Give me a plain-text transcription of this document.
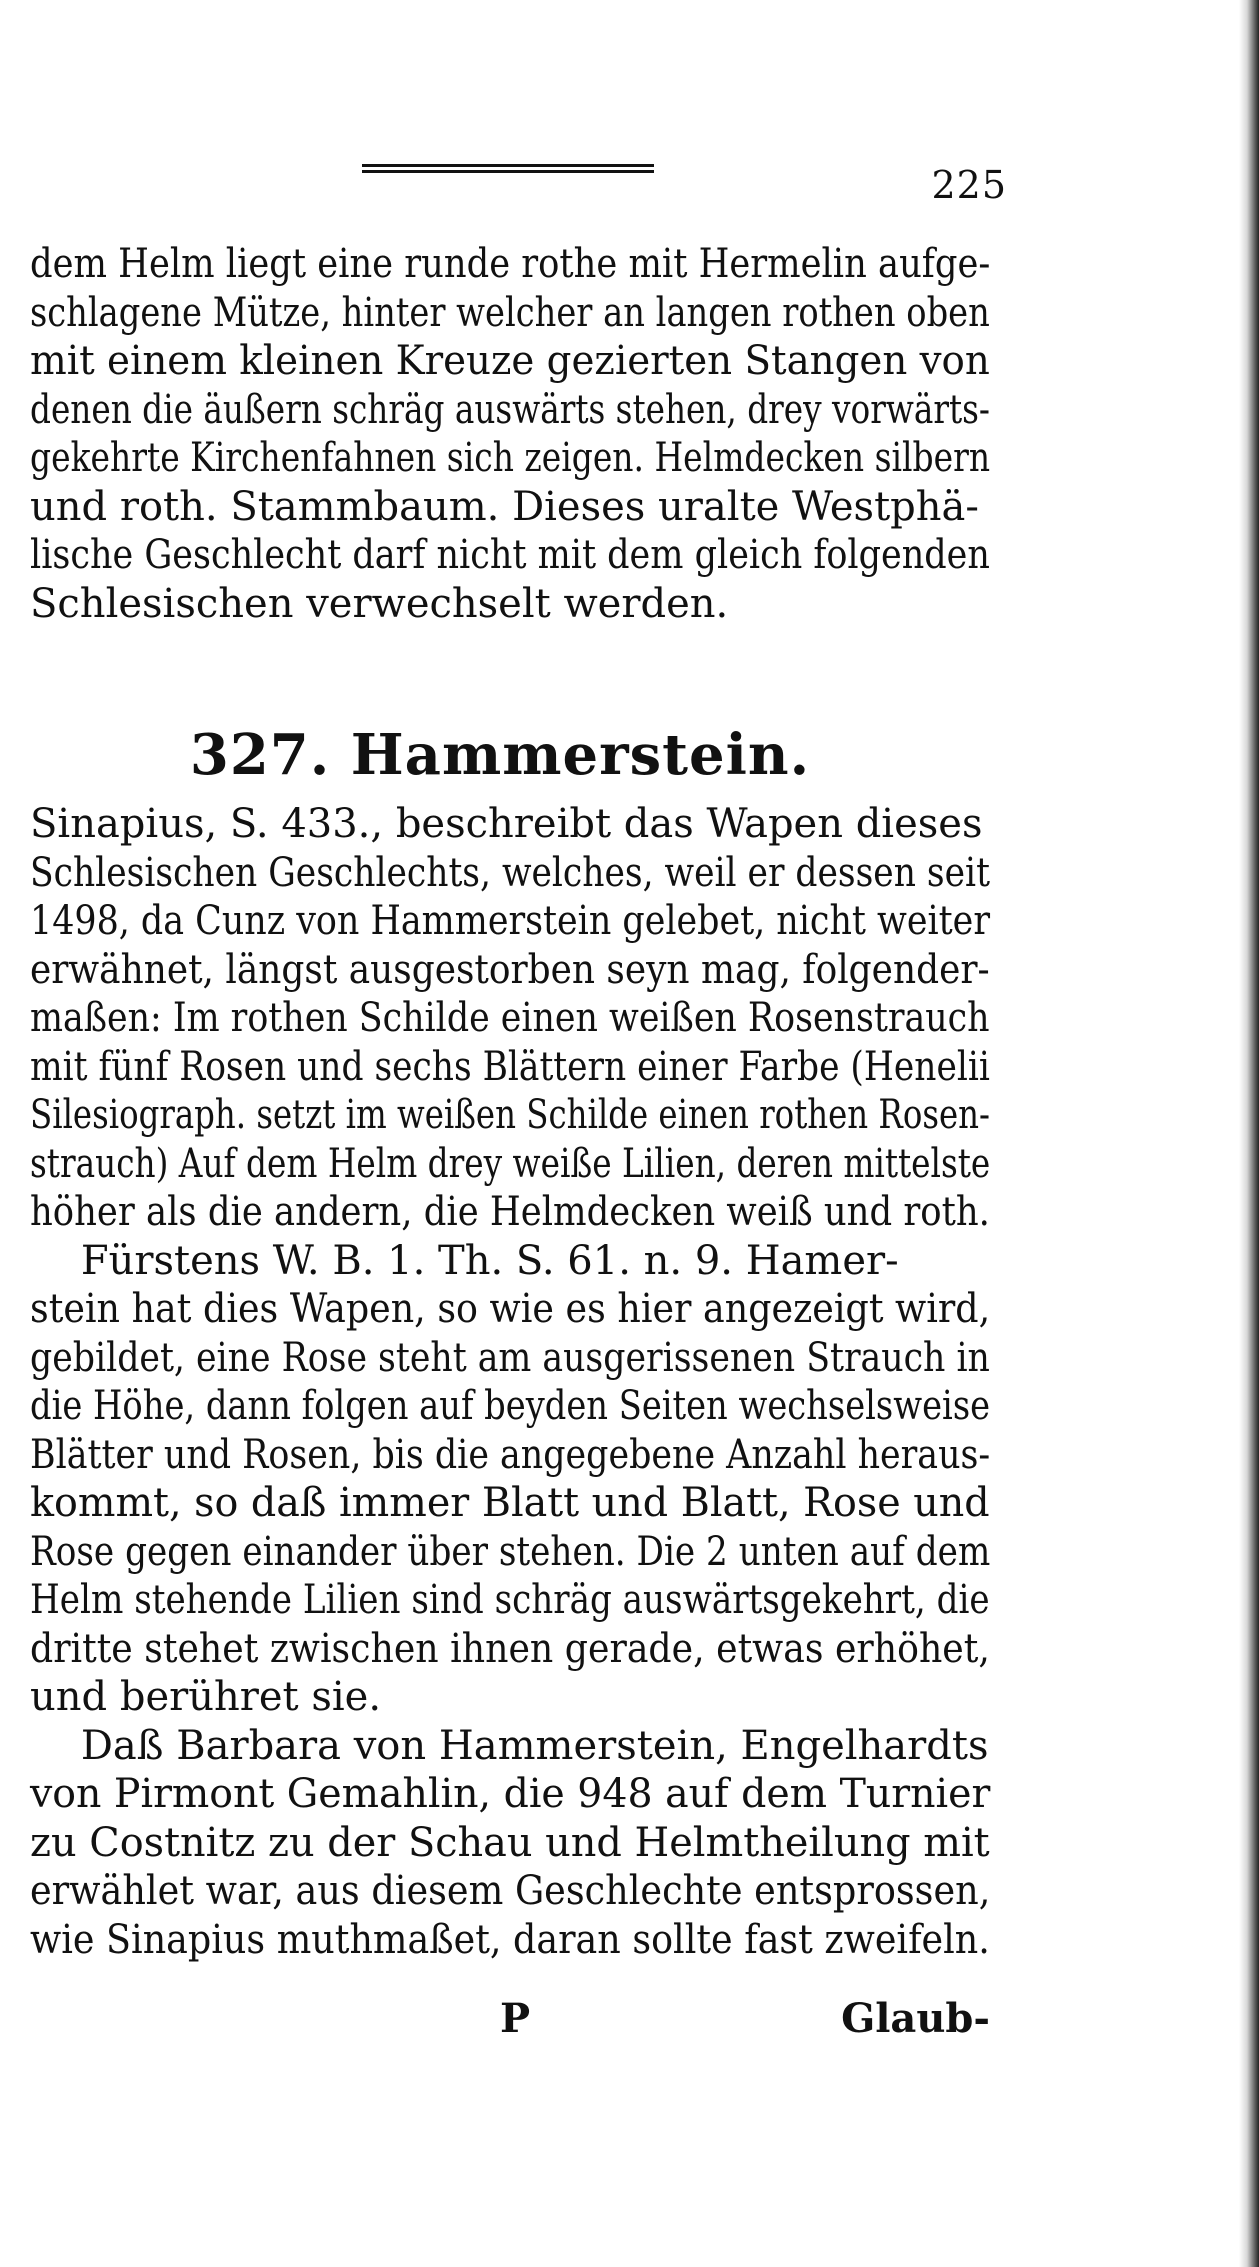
225
dem Helm liegt eine runde rothe mit Hermelin aufge- schlagene Mütze, hinter welcher an langen rothen oben mit einem kleinen Kreuze gezierten Stangen von denen die äußern schräg auswärts stehen, drey vorwärts- gekehrte Kirchenfahnen sich zeigen. Helmdecken silbern
und roth. Stammbaum. Dieses uralte Westphä-
lische Geschlecht darf nicht mit dem gleich folgenden
Schlesischen verwechselt werden.
327. Hammerstein.
Sinapius, S. 433., beschreibt das Wapen dieses
Schlesischen Geschlechts, welches, weil er dessen seit 1498, da Cunz von Hammerstein gelebet, nicht weiter erwähnet, längst ausgestorben seyn mag, folgender- maßen: Im rothen Schilde einen weißen Rosenstrauch mit fünf Rosen und sechs Blättern einer Farbe (Henelii Silesiograph. setzt im weißen Schilde einen rothen Rosen- strauch) Auf dem Helm drey weiße Lilien, deren mittelste höher als die andern, die Helmdecken weiß und roth.
Fürstens W. B. 1. Th. S. 61. n. 9. Hamer-
stein hat dies Wapen, so wie es hier angezeigt wird, gebildet, eine Rose steht am ausgerissenen Strauch in die Höhe, dann folgen auf beyden Seiten wechselsweise Blätter und Rosen, bis die angegebene Anzahl heraus- kommt, so daß immer Blatt und Blatt, Rose und Rose gegen einander über stehen. Die 2 unten auf dem Helm stehende Lilien sind schräg auswärtsgekehrt, die dritte stehet zwischen ihnen gerade, etwas erhöhet,
und berühret sie.
Daß Barbara von Hammerstein, Engelhardts
von Pirmont Gemahlin, die 948 auf dem Turnier zu Costnitz zu der Schau und Helmtheilung mit erwählet war, aus diesem Geschlechte entsprossen, wie Sinapius muthmaßet, daran sollte fast zweifeln.
P	Glaub-
